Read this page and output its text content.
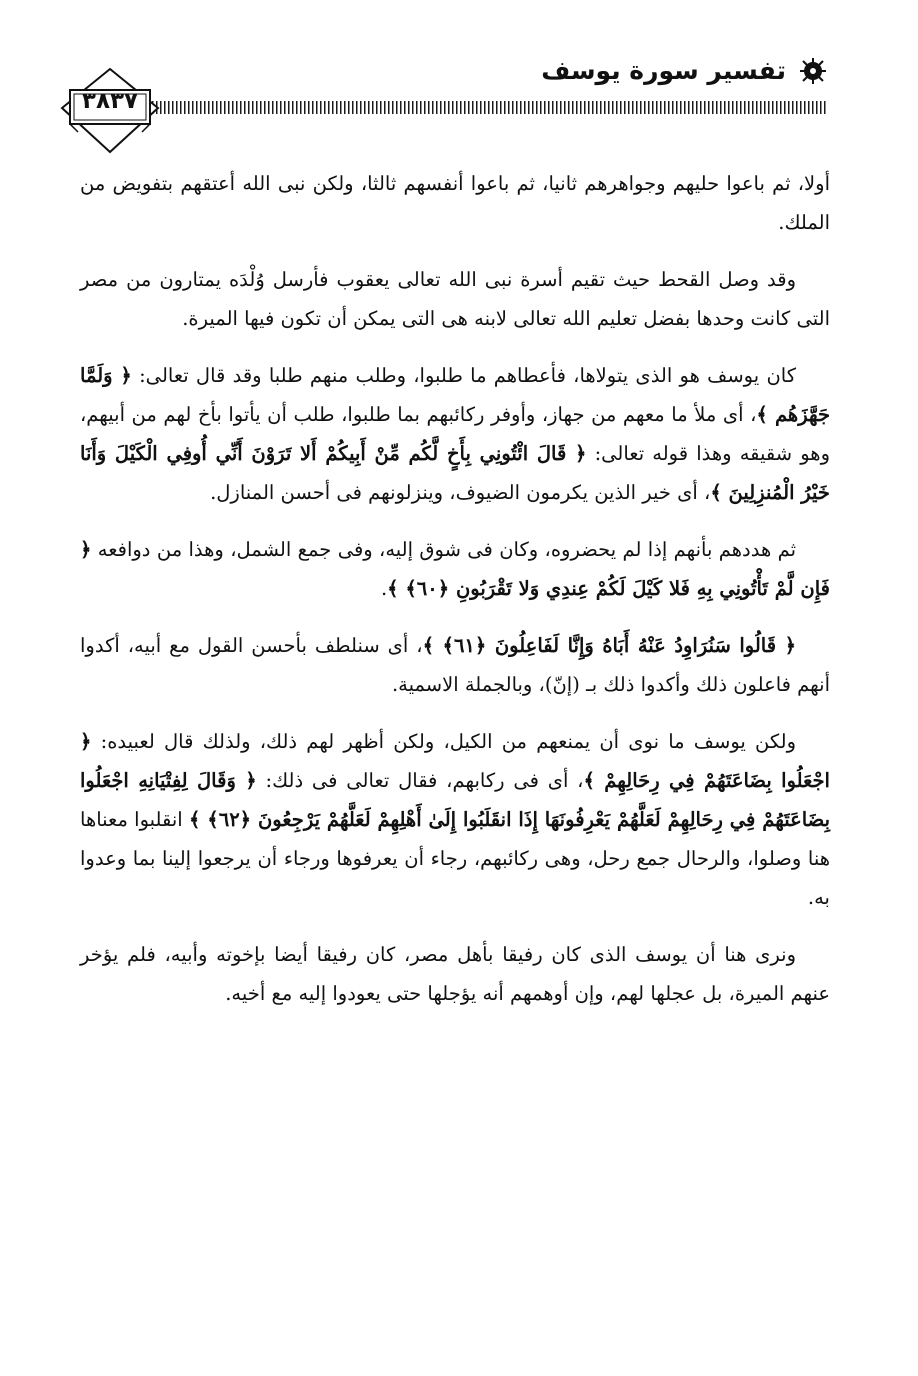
تفسير سورة يوسف
٣٨٣٧

أولا، ثم باعوا حليهم وجواهرهم ثانيا، ثم باعوا أنفسهم ثالثا، ولكن نبى الله أعتقهم بتفويض من الملك.

وقد وصل القحط حيث تقيم أسرة نبى الله تعالى يعقوب فأرسل وُلْدَه يمتارون من مصر التى كانت وحدها بفضل تعليم الله تعالى لابنه هى التى يمكن أن تكون فيها الميرة.

كان يوسف هو الذى يتولاها، فأعطاهم ما طلبوا، وطلب منهم طلبا وقد قال تعالى: ﴿ وَلَمَّا جَهَّزَهُم ﴾، أى ملأ ما معهم من جهاز، وأوفر ركائبهم بما طلبوا، طلب أن يأتوا بأخ لهم من أبيهم، وهو شقيقه وهذا قوله تعالى: ﴿ قَالَ ائْتُونِي بِأَخٍ لَّكُم مِّنْ أَبِيكُمْ أَلا تَرَوْنَ أَنِّي أُوفِي الْكَيْلَ وَأَنَا خَيْرُ الْمُنزِلِينَ ﴾، أى خير الذين يكرمون الضيوف، وينزلونهم فى أحسن المنازل.

ثم هددهم بأنهم إذا لم يحضروه، وكان فى شوق إليه، وفى جمع الشمل، وهذا من دوافعه ﴿ فَإِن لَّمْ تَأْتُونِي بِهِ فَلا كَيْلَ لَكُمْ عِندِي وَلا تَقْرَبُونِ ﴿٦٠﴾ ﴾.

﴿ قَالُوا سَنُرَاوِدُ عَنْهُ أَبَاهُ وَإِنَّا لَفَاعِلُونَ ﴿٦١﴾ ﴾، أى سنلطف بأحسن القول مع أبيه، أكدوا أنهم فاعلون ذلك وأكدوا ذلك بـ (إنّ)، وبالجملة الاسمية.

ولكن يوسف ما نوى أن يمنعهم من الكيل، ولكن أظهر لهم ذلك، ولذلك قال لعبيده: ﴿ اجْعَلُوا بِضَاعَتَهُمْ فِي رِحَالِهِمْ ﴾، أى فى ركابهم، فقال تعالى فى ذلك: ﴿ وَقَالَ لِفِتْيَانِهِ اجْعَلُوا بِضَاعَتَهُمْ فِي رِحَالِهِمْ لَعَلَّهُمْ يَعْرِفُونَهَا إِذَا انقَلَبُوا إِلَىٰ أَهْلِهِمْ لَعَلَّهُمْ يَرْجِعُونَ ﴿٦٢﴾ ﴾ انقلبوا معناها هنا وصلوا، والرحال جمع رحل، وهى ركائبهم، رجاء أن يعرفوها ورجاء أن يرجعوا إلينا بما وعدوا به.

ونرى هنا أن يوسف الذى كان رفيقا بأهل مصر، كان رفيقا أيضا بإخوته وأبيه، فلم يؤخر عنهم الميرة، بل عجلها لهم، وإن أوهمهم أنه يؤجلها حتى يعودوا إليه مع أخيه.
